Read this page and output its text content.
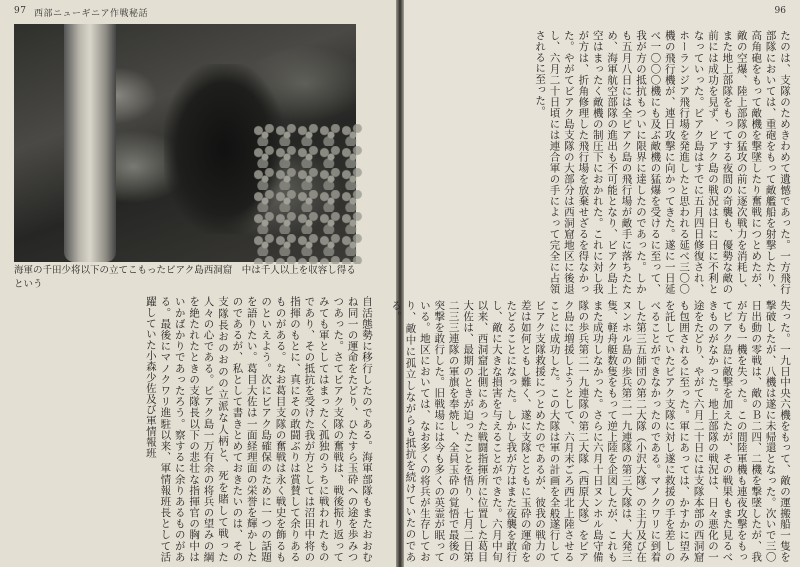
97 西部ニューギニア作戦秘話
海軍の千田少将以下の立てこもったビアク島西洞窟　中は千人以上を収容し得るという
自活態勢に移行したのである。海軍部隊もまたおおむね同一の運命をたどり、ひたすら玉砕への途を歩みつつあった。さてビアク支隊の奮戦は、戦後振り返ってみても軍としてはまったく孤独のうちに戦われたものであり、その抵抗を受けた我が方としては沼田中将の指揮のもとに、真にその敢闘ぶりは賞賛して余りあるものがある。なお葛目支隊の奮戦は永く戦史を飾るものといえよう。次にビアク島確保のために一つの話題を語りたい。葛目大佐は一面経理面の栄誉を輝かしたのであるが、私として書きとめておきたいのは、その支隊長おのおのの立派な人柄と、死を賭して戦った人々の心である。ビアク島一万有余の将兵の望みの綱を絶たれたときの支隊長以下の悲壮な指揮官の胸中はいかばかりであったろう。察するに余りあるものがある。最後にマノクワリ進駐以来、軍情報班長として活躍していた小森少佐及び軍情報班
96
たのは、支隊のためきわめて遺憾であった。一方飛行部隊においては、重砲をもって敵艦船を射撃したり、高角砲をもって敵機を撃墜したり奮戦につとめたが、敵の空爆、陸上部隊の猛攻の前に逐次戦力を消耗し、また地上部隊をもってする夜間の奇襲も、優勢な敵の前には成功を見ず、ビアク島の戦況は日に日に不利となっていった。ビアク島はすでに五月四日修復され、ホーランジア飛行場を発進したと思われる延べ三〇〇機の飛行機が、連日攻撃に向かってきた。遂に一日延べ一〇〇〇機にも及ぶ敵機の猛爆を受けるに至って、我が方の抵抗もついに限界に達したのであった。しかも五月八日には全ビアク島の飛行場が敵手に落ちたため、海軍航空部隊の進出も不可能となり、ビアク島上空はまったく敵機の制圧下におかれた。これに対し我が方は、折角修理した飛行場を放棄せざるを得なかった。やがてビアク島支隊の大部分は西洞窟地区に後退し、六月二十日頃には連合軍の手によって完全に占領されるに至った。
失った。一九日中央六機をもって、敵の運搬船一隻を撃破したが、八機は遂に未帰還となった。次いで三〇日出動の零戦は、敵のＢ二四、二機を撃墜したが、我が方も一機を失った。この間陸軍機も連夜攻撃をもってビアク島に敵撃を加えたが、その戦果もまた見るべきものがなかった。地上部隊の戦況は、日々悪化の一途をたどり、やがて六月二十日には支隊本部の西洞窟も包囲されるに至った。軍にあっては、かすかに望みを託していたビアク支隊に対し遂に救援の手を差しのべることができなかったのである。マノクワリに到着した第三五師団の第二大隊（小沢大隊）の主力及び在ヌンホル島の歩兵第二一九連隊の第三大隊は、大発三隻、軽舟艇数隻をもって逆上陸を企図したが、これもまた成功しなかった。さらに六月十日ヌンホル島守備隊の歩兵第二一九連隊の第二大隊（西原大隊）をビアク島に増援しようとして、六月末ごろ西北上陸させることに成功した。この大隊は軍の計画を全般遂行してビアク支隊救援につとめたのであるが、彼我の戦力の差は如何ともし難く、遂に支隊とともに玉砕の運命をたどることになった。しかし我が方はまた夜襲を敢行し、敵に大きな損害を与えることができた。六月中旬以来、西洞窟北側にあった戦闘指揮所に位置した葛目大佐は、最期のときが迫ったことを悟り、七月二日第二三三連隊の軍旗を奉焼し、全員玉砕の覚悟で最後の突撃を敢行した。旧戦場には今も多くの英霊が眠っている。地区においては、なお多くの将兵が生存しており、敵中に孤立しながらも抵抗を続けていたのである。
